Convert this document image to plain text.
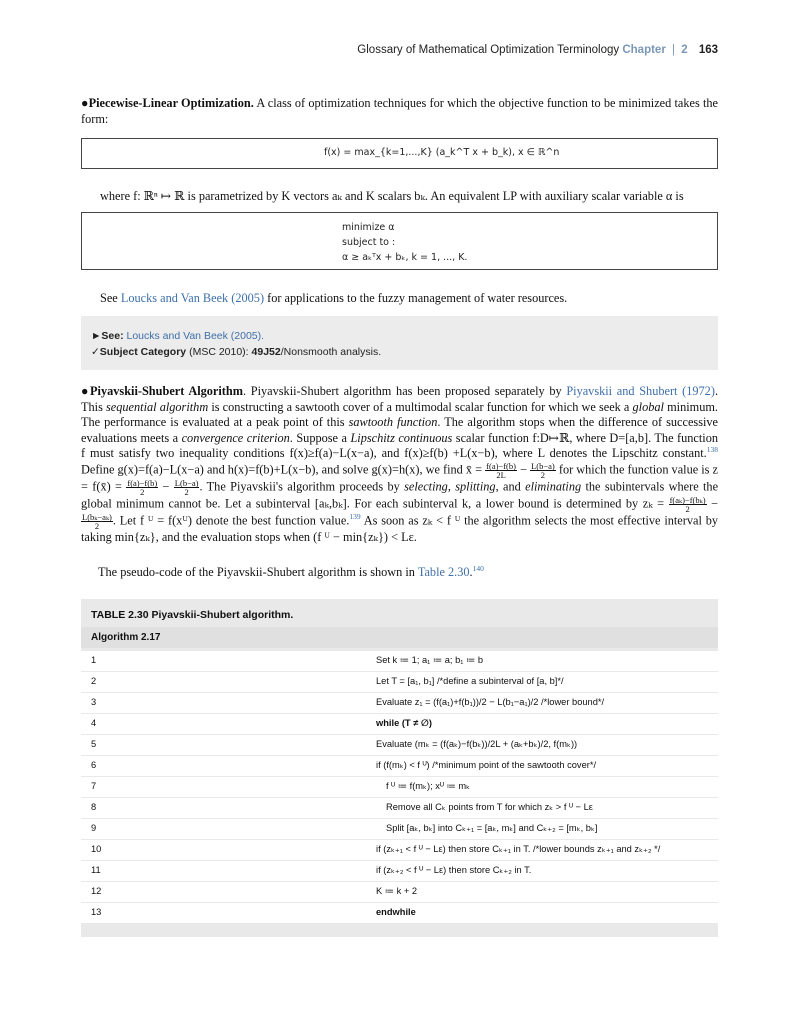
Glossary of Mathematical Optimization Terminology Chapter | 2 163

●Piecewise-Linear Optimization. A class of optimization techniques for which the objective function to be minimized takes the form:

f(x) = max_{k=1,...,K} (a_k^T x + b_k), x ∈ ℝ^n

where f: ℝⁿ ↦ ℝ is parametrized by K vectors aₖ and K scalars bₖ. An equivalent LP with auxiliary scalar variable α is

minimize α
subject to :
α ≥ aₖᵀx + bₖ, k = 1, ..., K.

See Loucks and Van Beek (2005) for applications to the fuzzy management of water resources.

►See: Loucks and Van Beek (2005).
✓Subject Category (MSC 2010): 49J52/Nonsmooth analysis.

●Piyavskii-Shubert Algorithm. Piyavskii-Shubert algorithm has been proposed separately by Piyavskii and Shubert (1972). This sequential algorithm is constructing a sawtooth cover of a multimodal scalar function for which we seek a global minimum. The performance is evaluated at a peak point of this sawtooth function. The algorithm stops when the difference of successive evaluations meets a convergence criterion. Suppose a Lipschitz continuous scalar function f:D↦ℝ, where D=[a,b]. The function f must satisfy two inequality conditions f(x)≥f(a)−L(x−a), and f(x)≥f(b) +L(x−b), where L denotes the Lipschitz constant.$^{138}$ Define g(x)=f(a)−L(x−a) and h(x)=f(b)+L(x−b), and solve g(x)=h(x), we find x̄ = $\frac{f(a)-f(b)}{2L} - \frac{L(b-a)}{2}$ for which the function value is z = f(x̄) = $\frac{f(a)-f(b)}{2} - \frac{L(b-a)}{2}$ . The Piyavskii's algorithm proceeds by selecting, splitting, and eliminating the subintervals where the global minimum cannot be. Let a subinterval [aₖ,bₖ]. For each subinterval k, a lower bound is determined by $z_k = \frac{\text{f(aₖ)−f(bₖ)}}{2}$ −
$\frac{\text{L(bₖ−aₖ)}}{2}$ . Let f ᵁ = f(xᵁ) denote the best function value.$^{139}$ As soon as zₖ < f ᵁ the algorithm selects the most effective interval by taking min{zₖ}, and the evaluation stops when (f ᵁ − min{zₖ}) < Lε.

The pseudo-code of the Piyavskii-Shubert algorithm is shown in Table 2.30.$^{140}$

TABLE 2.30 Piyavskii-Shubert algorithm.
Algorithm 2.17
1	Set k ≔ 1; a₁ ≔ a; b₁ ≔ b
2	Let T = [a₁, b₁] /*define a subinterval of [a, b]*/
3	Evaluate z₁ = (f(a₁)+f(b₁))/2 − L(b₁−a₁)/2 /*lower bound*/
4	while (T ≠ ∅)
5	Evaluate (mₖ = (f(aₖ)−f(bₖ))/2L + (aₖ+bₖ)/2, f(mₖ))
6	if (f(mₖ) < f ᵁ) /*minimum point of the sawtooth cover*/
7	f ᵁ ≔ f(mₖ); xᵁ ≔ mₖ
8	Remove all Cₖ points from T for which zₖ > f ᵁ − Lε
9	Split [aₖ, bₖ] into Cₖ₊₁ = [aₖ, mₖ] and Cₖ₊₂ = [mₖ, bₖ]
10	if (zₖ₊₁ < f ᵁ − Lε) then store Cₖ₊₁ in T. /*lower bounds zₖ₊₁ and zₖ₊₂ */
11	if (zₖ₊₂ < f ᵁ − Lε) then store Cₖ₊₂ in T.
12	K ≔ k + 2
13	endwhile
